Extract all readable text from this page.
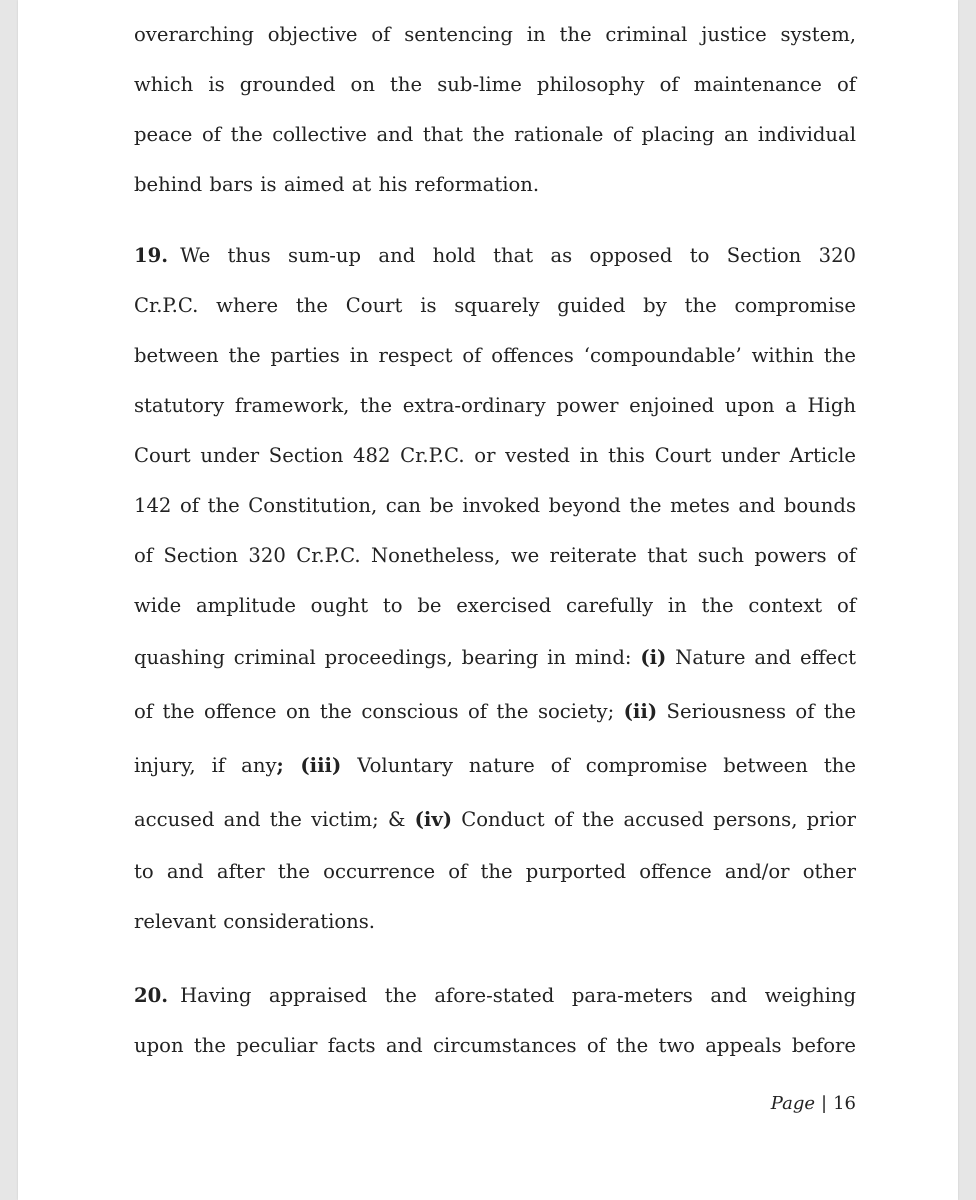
overarching objective of sentencing in the criminal justice system,
which is grounded on the sub-lime philosophy of maintenance of
peace of the collective and that the rationale of placing an individual
behind bars is aimed at his reformation.
19. We thus sum-up and hold that as opposed to Section 320
Cr.P.C. where the Court is squarely guided by the compromise
between the parties in respect of offences ‘compoundable’ within the
statutory framework, the extra-ordinary power enjoined upon a High
Court under Section 482 Cr.P.C. or vested in this Court under Article
142 of the Constitution, can be invoked beyond the metes and bounds
of Section 320 Cr.P.C. Nonetheless, we reiterate that such powers of
wide amplitude ought to be exercised carefully in the context of
quashing criminal proceedings, bearing in mind: (i) Nature and effect
of the offence on the conscious of the society; (ii) Seriousness of the
injury, if any; (iii) Voluntary nature of compromise between the
accused and the victim; & (iv) Conduct of the accused persons, prior
to and after the occurrence of the purported offence and/or other
relevant considerations.
20. Having appraised the afore-stated para-meters and weighing
upon the peculiar facts and circumstances of the two appeals before
Page | 16
